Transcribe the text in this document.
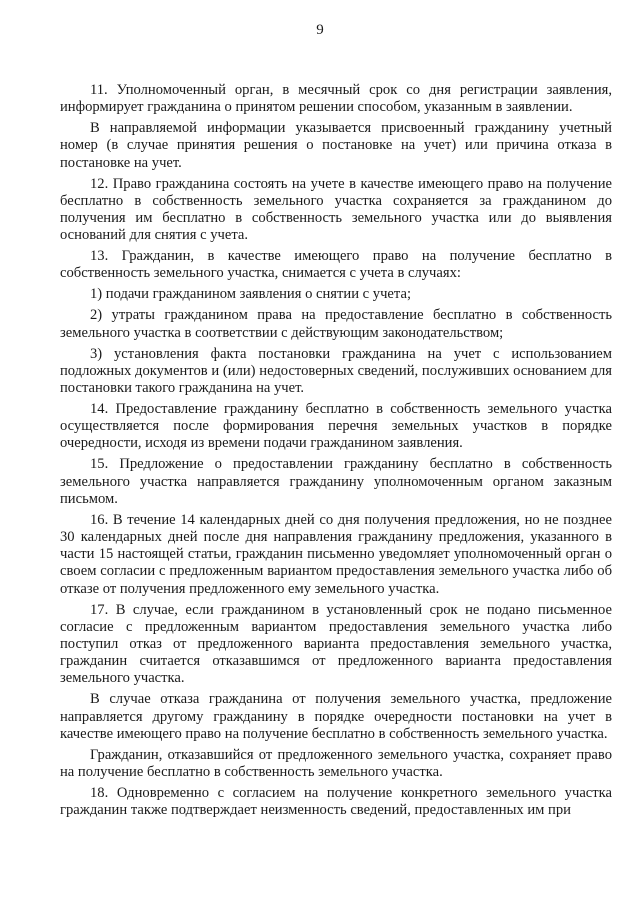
9

11. Уполномоченный орган, в месячный срок со дня регистрации заявления, информирует гражданина о принятом решении способом, указанным в заявлении.

В направляемой информации указывается присвоенный гражданину учетный номер (в случае принятия решения о постановке на учет) или причина отказа в постановке на учет.

12. Право гражданина состоять на учете в качестве имеющего право на получение бесплатно в собственность земельного участка сохраняется за гражданином до получения им бесплатно в собственность земельного участка или до выявления оснований для снятия с учета.

13. Гражданин, в качестве имеющего право на получение бесплатно в собственность земельного участка, снимается с учета в случаях:

1) подачи гражданином заявления о снятии с учета;

2) утраты гражданином права на предоставление бесплатно в собственность земельного участка в соответствии с действующим законодательством;

3) установления факта постановки гражданина на учет с использованием подложных документов и (или) недостоверных сведений, послуживших основанием для постановки такого гражданина на учет.

14. Предоставление гражданину бесплатно в собственность земельного участка осуществляется после формирования перечня земельных участков в порядке очередности, исходя из времени подачи гражданином заявления.

15. Предложение о предоставлении гражданину бесплатно в собственность земельного участка направляется гражданину уполномоченным органом заказным письмом.

16. В течение 14 календарных дней со дня получения предложения, но не позднее 30 календарных дней после дня направления гражданину предложения, указанного в части 15 настоящей статьи, гражданин письменно уведомляет уполномоченный орган о своем согласии с предложенным вариантом предоставления земельного участка либо об отказе от получения предложенного ему земельного участка.

17. В случае, если гражданином в установленный срок не подано письменное согласие с предложенным вариантом предоставления земельного участка либо поступил отказ от предложенного варианта предоставления земельного участка, гражданин считается отказавшимся от предложенного варианта предоставления земельного участка.

В случае отказа гражданина от получения земельного участка, предложение направляется другому гражданину в порядке очередности постановки на учет в качестве имеющего право на получение бесплатно в собственность земельного участка.

Гражданин, отказавшийся от предложенного земельного участка, сохраняет право на получение бесплатно в собственность земельного участка.

18. Одновременно с согласием на получение конкретного земельного участка гражданин также подтверждает неизменность сведений, предоставленных им при
